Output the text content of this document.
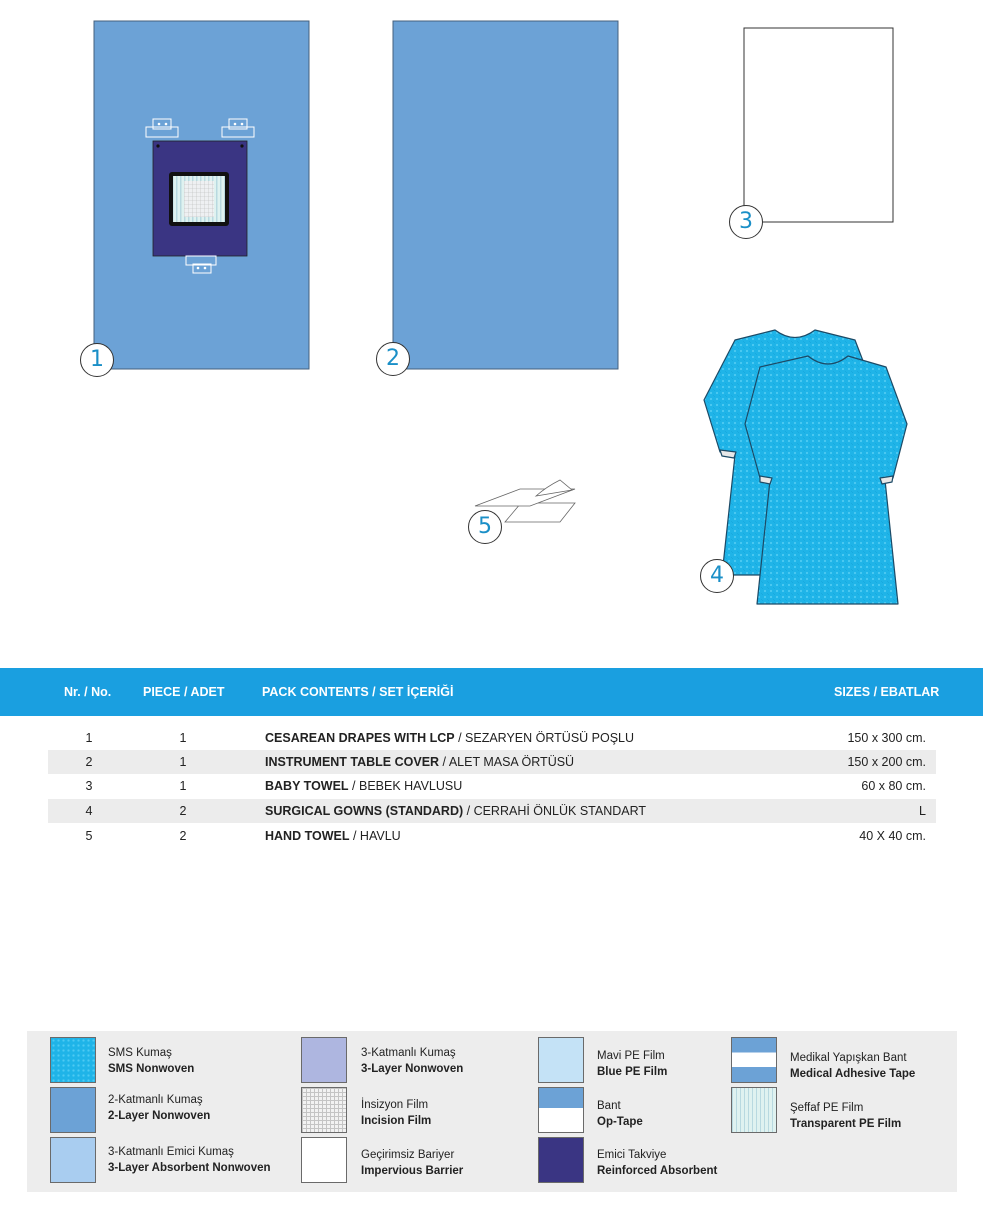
1	2
3
4
5
Nr. / No.	PIECE / ADET	PACK CONTENTS / SET İÇERİĞİ	SIZES / EBATLAR
1	1	CESAREAN DRAPES WITH LCP / SEZARYEN ÖRTÜSÜ POŞLU	150 x 300 cm.
2	1	INSTRUMENT TABLE COVER / ALET MASA ÖRTÜSÜ	150 x 200 cm.
3	1	BABY TOWEL / BEBEK HAVLUSU	60 x 80 cm.
4	2	SURGICAL GOWNS (STANDARD) / CERRAHİ ÖNLÜK STANDART	L
5	2	HAND TOWEL / HAVLU	40 X 40 cm.
SMS Kumaş
SMS Nonwoven
2-Katmanlı Kumaş
2-Layer Nonwoven
3-Katmanlı Emici Kumaş
3-Layer Absorbent Nonwoven
3-Katmanlı Kumaş
3-Layer Nonwoven
İnsizyon Film
Incision Film
Geçirimsiz Bariyer
Impervious Barrier
Mavi PE Film
Blue PE Film
Bant
Op-Tape
Emici Takviye
Reinforced Absorbent
Medikal Yapışkan Bant
Medical Adhesive Tape
Şeffaf PE Film
Transparent PE Film
